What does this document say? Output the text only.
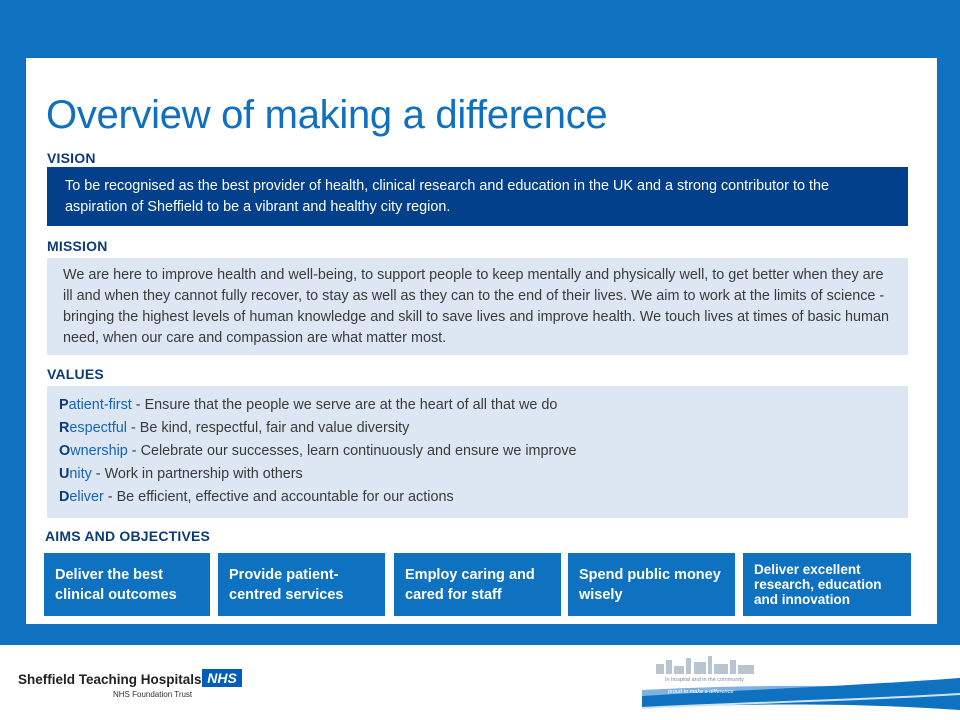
Overview of making a difference
VISION

To be recognised as the best provider of health, clinical research and education in the UK and a strong contributor to the aspiration of Sheffield to be a vibrant and healthy city region.

MISSION

We are here to improve health and well-being, to support people to keep mentally and physically well, to get better when they are ill and when they cannot fully recover, to stay as well as they can to the end of their lives. We aim to work at the limits of science - bringing the highest levels of human knowledge and skill to save lives and improve health. We touch lives at times of basic human need, when our care and compassion are what matter most.

VALUES
Patient-first - Ensure that the people we serve are at the heart of all that we do
Respectful - Be kind, respectful, fair and value diversity
Ownership - Celebrate our successes, learn continuously and ensure we improve
Unity - Work in partnership with others
Deliver - Be efficient, effective and accountable for our actions
AIMS AND OBJECTIVES
Deliver the best clinical outcomes
Provide patient-centred services
Employ caring and cared for staff
Spend public money wisely
Deliver excellent research, education and innovation
Sheffield Teaching Hospitals NHS
NHS Foundation Trust
In hospital and in the community
proud to make a difference
